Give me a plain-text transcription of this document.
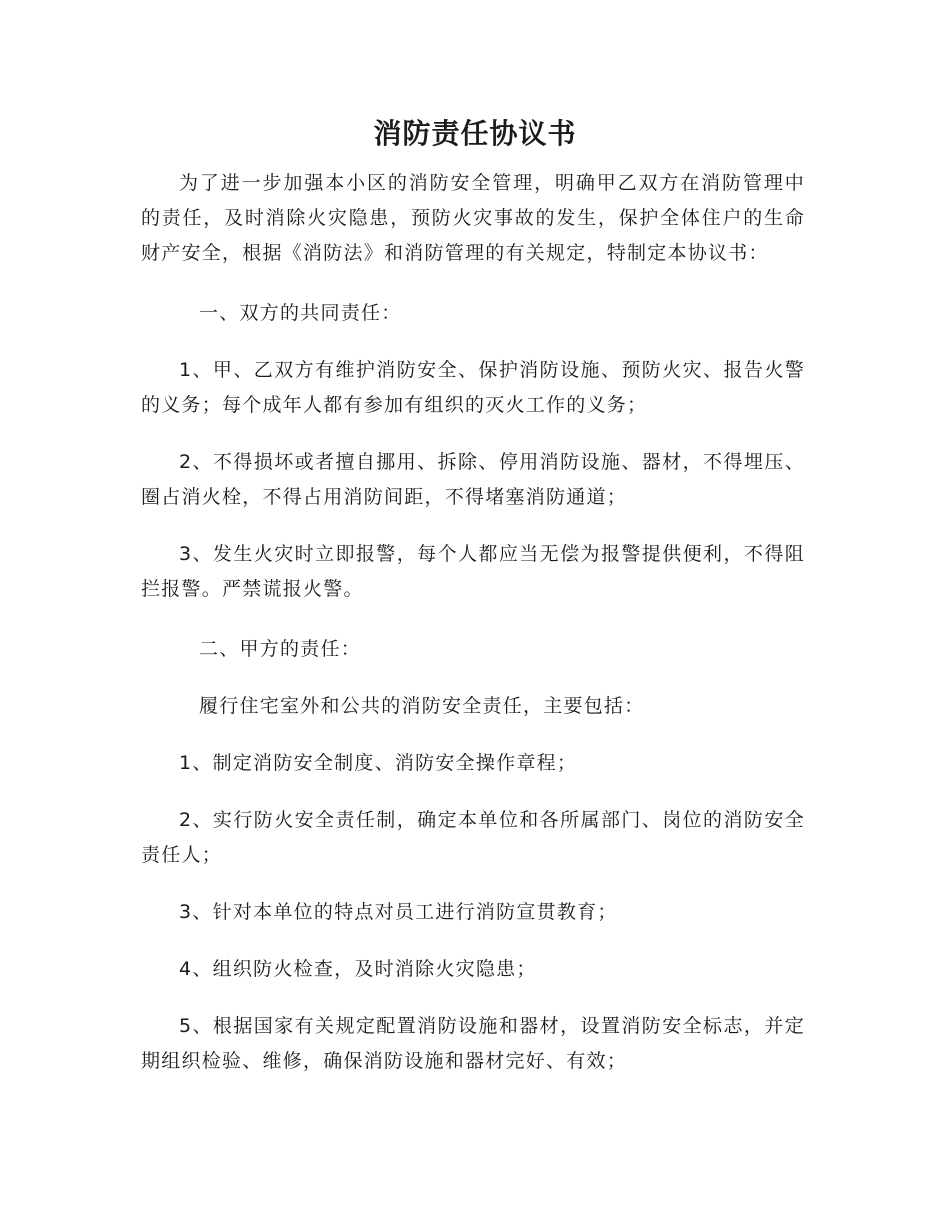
消防责任协议书

为了进一步加强本小区的消防安全管理，明确甲乙双方在消防管理中的责任，及时消除火灾隐患，预防火灾事故的发生，保护全体住户的生命财产安全，根据《消防法》和消防管理的有关规定，特制定本协议书：

一、双方的共同责任：

1、甲、乙双方有维护消防安全、保护消防设施、预防火灾、报告火警的义务；每个成年人都有参加有组织的灭火工作的义务；

2、不得损坏或者擅自挪用、拆除、停用消防设施、器材，不得埋压、圈占消火栓，不得占用消防间距，不得堵塞消防通道；

3、发生火灾时立即报警，每个人都应当无偿为报警提供便利，不得阻拦报警。严禁谎报火警。

二、甲方的责任：

履行住宅室外和公共的消防安全责任，主要包括：

1、制定消防安全制度、消防安全操作章程；

2、实行防火安全责任制，确定本单位和各所属部门、岗位的消防安全责任人；

3、针对本单位的特点对员工进行消防宣贯教育；

4、组织防火检查，及时消除火灾隐患；

5、根据国家有关规定配置消防设施和器材，设置消防安全标志，并定期组织检验、维修，确保消防设施和器材完好、有效；
